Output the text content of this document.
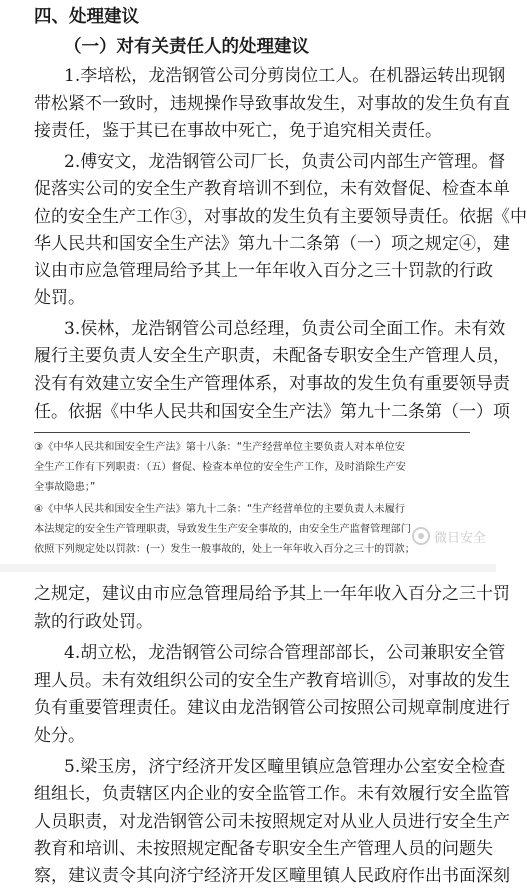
四、处理建议
（一）对有关责任人的处理建议
1.李培松，龙浩钢管公司分剪岗位工人。在机器运转出现钢
带松紧不一致时，违规操作导致事故发生，对事故的发生负有直
接责任，鉴于其已在事故中死亡，免于追究相关责任。
2.傅安文，龙浩钢管公司厂长，负责公司内部生产管理。督
促落实公司的安全生产教育培训不到位，未有效督促、检查本单
位的安全生产工作③，对事故的发生负有主要领导责任。依据《中
华人民共和国安全生产法》第九十二条第（一）项之规定④，建
议由市应急管理局给予其上一年年收入百分之三十罚款的行政
处罚。
3.侯林，龙浩钢管公司总经理，负责公司全面工作。未有效
履行主要负责人安全生产职责，未配备专职安全生产管理人员，
没有有效建立安全生产管理体系，对事故的发生负有重要领导责
任。依据《中华人民共和国安全生产法》第九十二条第（一）项
③《中华人民共和国安全生产法》第十八条：“生产经营单位主要负责人对本单位安
全生产工作有下列职责：（五）督促、检查本单位的安全生产工作，及时消除生产安
全事故隐患；”
④《中华人民共和国安全生产法》第九十二条：“生产经营单位的主要负责人未履行
本法规定的安全生产管理职责，导致发生生产安全事故的，由安全生产监督管理部门
依照下列规定处以罚款：(一）发生一般事故的，处上一年年收入百分之三十的罚款；
微日安全
之规定，建议由市应急管理局给予其上一年年收入百分之三十罚
款的行政处罚。
4.胡立松，龙浩钢管公司综合管理部部长，公司兼职安全管
理人员。未有效组织公司的安全生产教育培训⑤，对事故的发生
负有重要管理责任。建议由龙浩钢管公司按照公司规章制度进行
处分。
5.梁玉房，济宁经济开发区疃里镇应急管理办公室安全检查
组组长，负责辖区内企业的安全监管工作。未有效履行安全监管
人员职责，对龙浩钢管公司未按照规定对从业人员进行安全生产
教育和培训、未按照规定配备专职安全生产管理人员的问题失
察，建议责令其向济宁经济开发区疃里镇人民政府作出书面深刻
